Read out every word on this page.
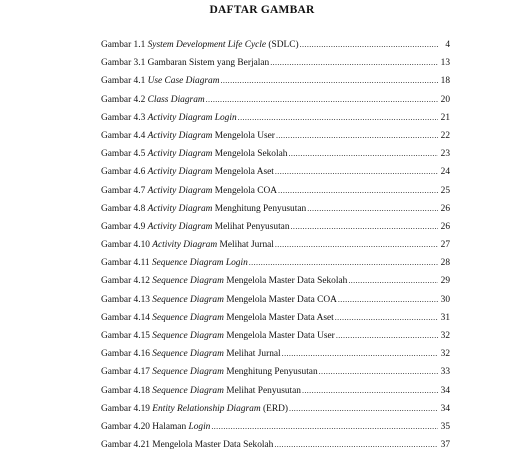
DAFTAR GAMBAR
Gambar 1.1 System Development Life Cycle (SDLC) .....	4
Gambar 3.1 Gambaran Sistem yang Berjalan .....	13
Gambar 4.1 Use Case Diagram .....	18
Gambar 4.2 Class Diagram .....	20
Gambar 4.3 Activity Diagram Login .....	21
Gambar 4.4 Activity Diagram Mengelola User .....	22
Gambar 4.5 Activity Diagram Mengelola Sekolah .....	23
Gambar 4.6 Activity Diagram Mengelola Aset .....	24
Gambar 4.7 Activity Diagram Mengelola COA .....	25
Gambar 4.8 Activity Diagram Menghitung Penyusutan .....	26
Gambar 4.9 Activity Diagram Melihat Penyusutan .....	26
Gambar 4.10 Activity Diagram Melihat Jurnal .....	27
Gambar 4.11 Sequence Diagram Login .....	28
Gambar 4.12 Sequence Diagram Mengelola Master Data Sekolah .....	29
Gambar 4.13 Sequence Diagram Mengelola Master Data COA .....	30
Gambar 4.14 Sequence Diagram Mengelola Master Data Aset .....	31
Gambar 4.15 Sequence Diagram Mengelola Master Data User .....	32
Gambar 4.16 Sequence Diagram Melihat Jurnal .....	32
Gambar 4.17 Sequence Diagram Menghitung Penyusutan .....	33
Gambar 4.18 Sequence Diagram Melihat Penyusutan .....	34
Gambar 4.19 Entity Relationship Diagram (ERD) .....	34
Gambar 4.20 Halaman Login .....	35
Gambar 4.21 Mengelola Master Data Sekolah .....	37
